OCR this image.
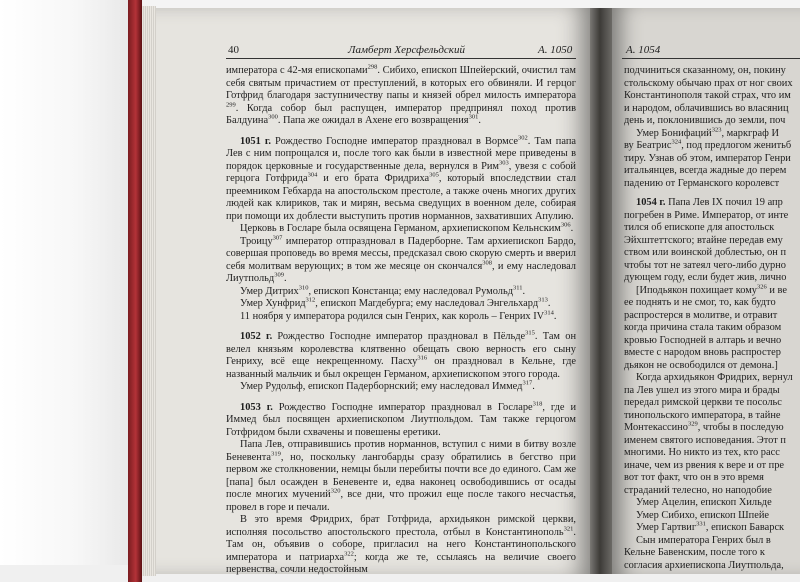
40	Ламберт Херсфельдский	А. 1050	А. 1054

императора с 42-мя епископами$^{298}$. Сибихо, епископ Шпейерский, очистил там себя святым причастием от преступлений, в которых его обвиняли. И герцог Готфрид благодаря заступничеству папы и князей обрел милость императора $^{299}$. Когда собор был распущен, император предпринял поход против Балдуина$^{300}$. Папа же ожидал в Ахене его возвращения$^{301}$.

1051 г. Рождество Господне император праздновал в Вормсе$^{302}$. Там папа Лев с ним попрощался и, после того как были в известной мере приведены в порядок церковные и государственные дела, вернулся в Рим$^{303}$, увезя с собой герцога Готфрида$^{304}$ и его брата Фридриха$^{305}$, который впоследствии стал преемником Гебхарда на апостольском престоле, а также очень многих других людей как клириков, так и мирян, весьма сведущих в военном деле, собирая при помощи их доблести выступить против норманнов, захвативших Апулию.

Церковь в Госларе была освящена Германом, архиепископом Кельнским$^{306}$.

Троицу$^{307}$ император отпраздновал в Падерборне. Там архиепископ Бардо, совершая проповедь во время мессы, предсказал свою скорую смерть и вверил себя молитвам верующих; в том же месяце он скончался$^{308}$, и ему наследовал Лиутпольд$^{309}$.

Умер Дитрих$^{310}$, епископ Констанца; ему наследовал Румольд$^{311}$.

Умер Хунфрид$^{312}$, епископ Магдебурга; ему наследовал Энгельхард$^{313}$.

11 ноября у императора родился сын Генрих, как король – Генрих IV$^{314}$.

1052 г. Рождество Господне император праздновал в Пёльде$^{315}$. Там он велел князьям королевства клятвенно обещать свою верность его сыну Генриху, всё еще некрещенному. Пасху$^{316}$ он праздновал в Кельне, где названный мальчик и был окрещен Германом, архиепископом этого города.

Умер Рудольф, епископ Падерборнский; ему наследовал Иммед$^{317}$.

1053 г. Рождество Господне император праздновал в Госларе$^{318}$, где и Иммед был посвящен архиепископом Лиутпольдом. Там также герцогом Готфридом были схвачены и повешены еретики.

Папа Лев, отправившись против норманнов, вступил с ними в битву возле Беневента$^{319}$, но, поскольку лангобарды сразу обратились в бегство при первом же столкновении, немцы были перебиты почти все до единого. Сам же [папа] был осажден в Беневенте и, едва наконец освободившись от осады после многих мучений$^{320}$, все дни, что прожил еще после такого несчастья, провел в горе и печали.

В это время Фридрих, брат Готфрида, архидьякон римской церкви, исполняя посольство апостольского престола, отбыл в Константинополь$^{321}$. Там он, объявив о соборе, пригласил на него Константинопольского императора и патриарха$^{322}$; когда же те, ссылаясь на величие своего первенства, сочли недостойным

подчиниться сказанному, он, покину
стольскому обычаю прах от ног своих
Константинополя такой страх, что им
и народом, облачившись во власяниц
день и, поклонившись до земли, поч
Умер Бонифаций$^{323}$, маркграф И
ву Беатрис$^{324}$, под предлогом женитьб
тиру. Узнав об этом, император Генри
итальянцев, всегда жадные до перем
падению от Германского королевст
1054 г. Папа Лев IX почил 19 апр
погребен в Риме. Император, от инте
тился об епископе для апостольск
Эйхштеттского; втайне передав ему
ством или воинской доблестью, он п
чтобы тот не затеял чего-либо дурно
дующем году, если будет жив, лично
[Иподьякон похищает кому$^{326}$ и ве
ее поднять и не смог, то, как будто
распростерся в молитве, и отравит
когда причина стала таким образом
кровью Господней в алтарь и вечно
вместе с народом вновь распростер
дьякон не освободился от демона.]
Когда архидьякон Фридрих, вернул
па Лев ушел из этого мира и брады
передал римской церкви те посольс
тинопольского императора, в тайне
Монтекассино$^{329}$, чтобы в последую
именем святого исповедания. Этот п
многими. Но никто из тех, кто расс
иначе, чем из рвения к вере и от пре
вот тот факт, что он в это время
страданий телесно, но наподобие
Умер Ацелин, епископ Хильде
Умер Сибихо, епископ Шпейе
Умер Гартвиг$^{331}$, епископ Баварск
Сын императора Генрих был в
Кельне Бавенским, после того к
согласия архиепископа Лиутпольда,
